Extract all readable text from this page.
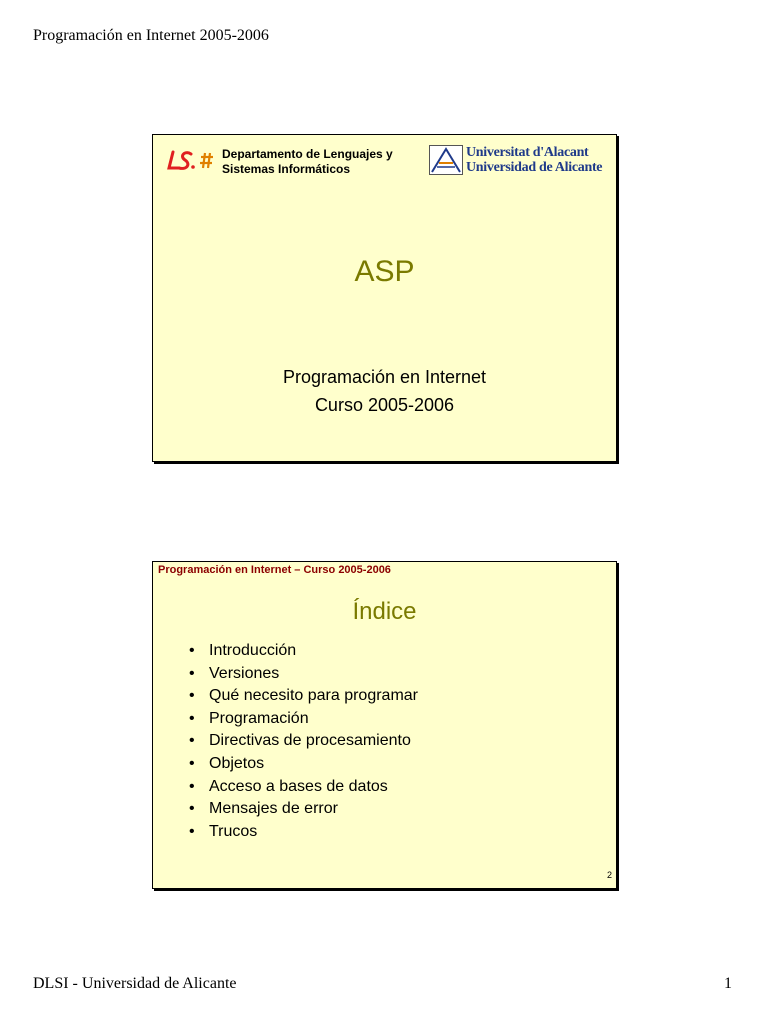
Programación en Internet 2005-2006
Departamento de Lenguajes y
Sistemas Informáticos
Universitat d'Alacant
Universidad de Alicante
ASP
Programación en Internet
Curso 2005-2006
Programación en Internet – Curso 2005-2006
Índice
• Introducción
• Versiones
• Qué necesito para programar
• Programación
• Directivas de procesamiento
• Objetos
• Acceso a bases de datos
• Mensajes de error
• Trucos
2
DLSI - Universidad de Alicante	1
